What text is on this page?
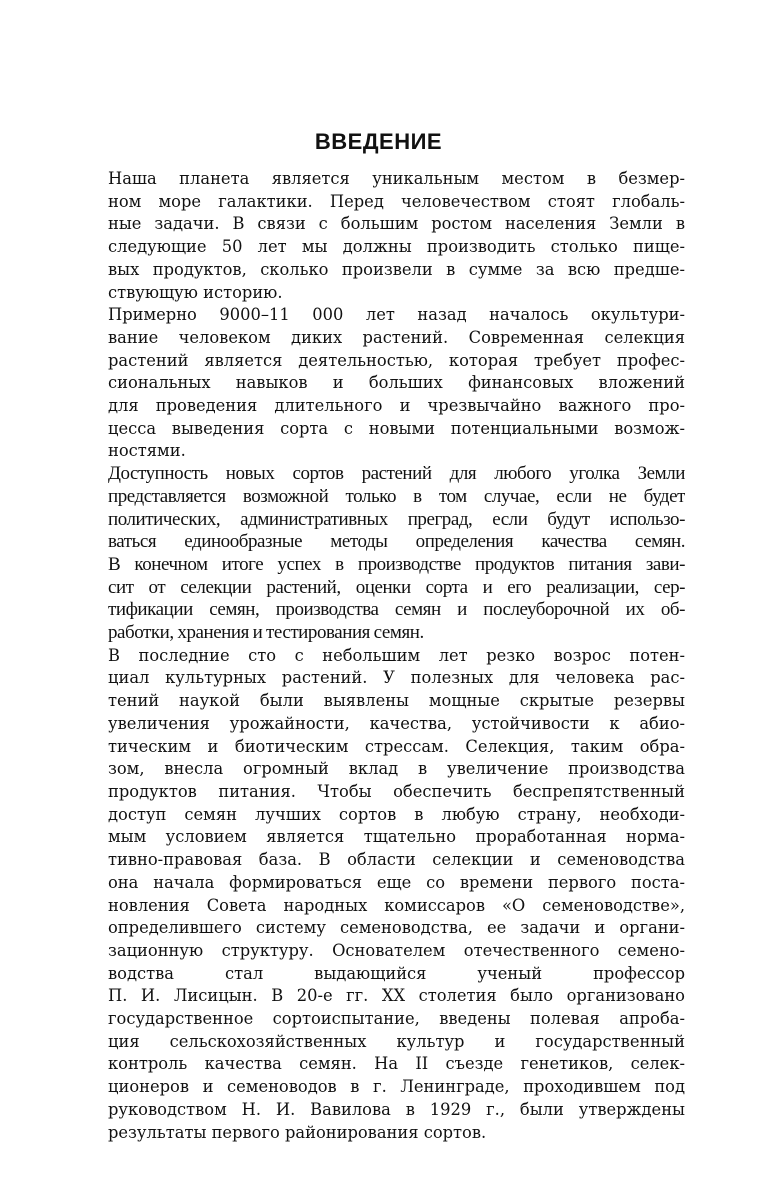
ВВЕДЕНИЕ
Наша планета является уникальным местом в безмер-
ном море галактики. Перед человечеством стоят глобаль-
ные задачи. В связи с большим ростом населения Земли в
следующие 50 лет мы должны производить столько пище-
вых продуктов, сколько произвели в сумме за всю предше-
ствующую историю.
Примерно 9000–11 000 лет назад началось окультури-
вание человеком диких растений. Современная селекция
растений является деятельностью, которая требует профес-
сиональных навыков и больших финансовых вложений
для проведения длительного и чрезвычайно важного про-
цесса выведения сорта с новыми потенциальными возмож-
ностями.
Доступность новых сортов растений для любого уголка Земли
представляется возможной только в том случае, если не будет
политических, административных преград, если будут использо-
ваться единообразные методы определения качества семян.
В конечном итоге успех в производстве продуктов питания зави-
сит от селекции растений, оценки сорта и его реализации, сер-
тификации семян, производства семян и послеуборочной их об-
работки, хранения и тестирования семян.
В последние сто с небольшим лет резко возрос потен-
циал культурных растений. У полезных для человека рас-
тений наукой были выявлены мощные скрытые резервы
увеличения урожайности, качества, устойчивости к абио-
тическим и биотическим стрессам. Селекция, таким обра-
зом, внесла огромный вклад в увеличение производства
продуктов питания. Чтобы обеспечить беспрепятственный
доступ семян лучших сортов в любую страну, необходи-
мым условием является тщательно проработанная норма-
тивно-правовая база. В области селекции и семеноводства
она начала формироваться еще со времени первого поста-
новления Совета народных комиссаров «О семеноводстве»,
определившего систему семеноводства, ее задачи и органи-
зационную структуру. Основателем отечественного семено-
водства стал выдающийся ученый профессор
П. И. Лисицын. В 20-е гг. XX столетия было организовано
государственное сортоиспытание, введены полевая апроба-
ция сельскохозяйственных культур и государственный
контроль качества семян. На II съезде генетиков, селек-
ционеров и семеноводов в г. Ленинграде, проходившем под
руководством Н. И. Вавилова в 1929 г., были утверждены
результаты первого районирования сортов.
